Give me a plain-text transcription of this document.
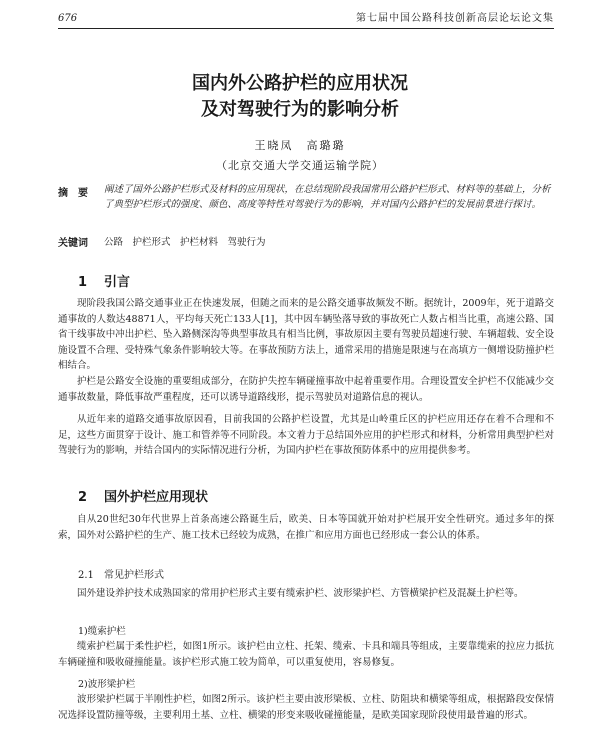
676	第七届中国公路科技创新高层论坛论文集
国内外公路护栏的应用状况
及对驾驶行为的影响分析
王晓凤　高璐璐
（北京交通大学交通运输学院）
摘　要 阐述了国外公路护栏形式及材料的应用现状，在总结现阶段我国常用公路护栏形式、材料等的基础上，分析了典型护栏形式的强度、颜色、高度等特性对驾驶行为的影响，并对国内公路护栏的发展前景进行探讨。
关键词 公路　护栏形式　护栏材料　驾驶行为
1 引言

现阶段我国公路交通事业正在快速发展，但随之而来的是公路交通事故频发不断。据统计，2009年，死于道路交通事故的人数达48871人，平均每天死亡133人[1]，其中因车辆坠落导致的事故死亡人数占相当比重，高速公路、国省干线事故中冲出护栏、坠入路侧深沟等典型事故具有相当比例，事故原因主要有驾驶员超速行驶、车辆超载、安全设施设置不合理、受特殊气象条件影响较大等。在事故预防方法上，通常采用的措施是限速与在高填方一侧增设防撞护栏相结合。

护栏是公路安全设施的重要组成部分，在防护失控车辆碰撞事故中起着重要作用。合理设置安全护栏不仅能减少交通事故数量，降低事故严重程度，还可以诱导道路线形，提示驾驶员对道路信息的视认。

从近年来的道路交通事故原因看，目前我国的公路护栏设置，尤其是山岭重丘区的护栏应用还存在着不合理和不足，这些方面贯穿于设计、施工和管养等不同阶段。本文着力于总结国外应用的护栏形式和材料，分析常用典型护栏对驾驶行为的影响，并结合国内的实际情况进行分析，为国内护栏在事故预防体系中的应用提供参考。

2 国外护栏应用现状

自从20世纪30年代世界上首条高速公路诞生后，欧美、日本等国就开始对护栏展开安全性研究。通过多年的探索，国外对公路护栏的生产、施工技术已经较为成熟，在推广和应用方面也已经形成一套公认的体系。

2.1 常见护栏形式

国外建设养护技术成熟国家的常用护栏形式主要有缆索护栏、波形梁护栏、方管横梁护栏及混凝土护栏等。

1)缆索护栏

缆索护栏属于柔性护栏，如图1所示。该护栏由立柱、托架、缆索、卡具和端具等组成，主要靠缆索的拉应力抵抗车辆碰撞和吸收碰撞能量。该护栏形式施工较为简单，可以重复使用，容易修复。

2)波形梁护栏

波形梁护栏属于半刚性护栏，如图2所示。该护栏主要由波形梁板、立柱、防阻块和横梁等组成，根据路段安保情况选择设置防撞等级，主要利用土基、立柱、横梁的形变来吸收碰撞能量，是欧美国家现阶段使用最普遍的形式。
